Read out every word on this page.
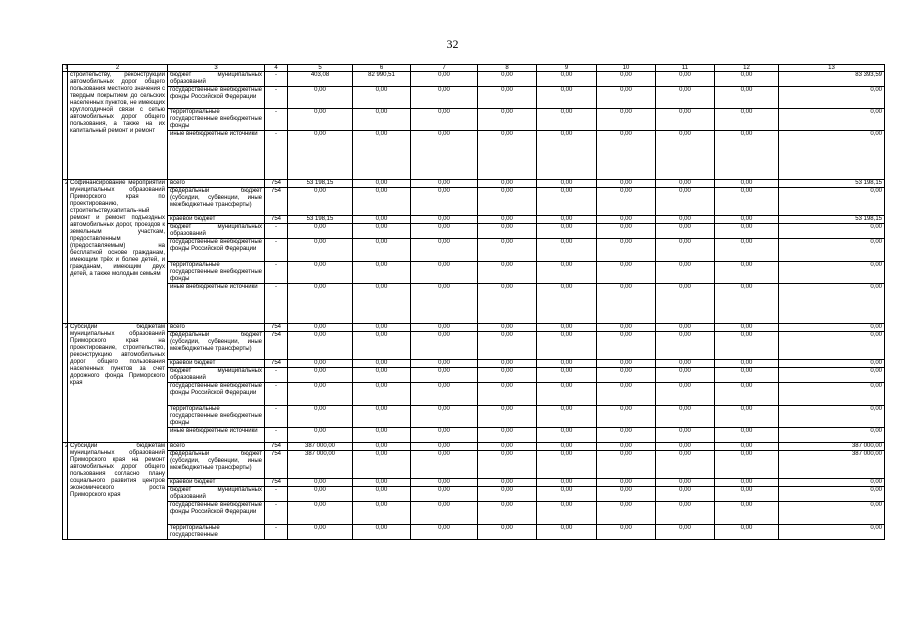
32
	2	3	4	5	6	7	8	9	10	11	12	13
	строительству, реконструкции автомобильных дорог общего пользования местного значения с твердым покрытием до сельских населенных пунктов, не имеющих круглогодичной связи с сетью автомобильных дорог общего пользования, а также на их капитальный ремонт и ремонт	бюджет муниципальных образований	-	403,08	82 990,51	0,00	0,00	0,00	0,00	0,00	0,00	83 393,59
		государственные внебюджетные фонды Российской Федерации	-	0,00	0,00	0,00	0,00	0,00	0,00	0,00	0,00	0,00
		территориальные государственные внебюджетные фонды	-	0,00	0,00	0,00	0,00	0,00	0,00	0,00	0,00	0,00
		иные внебюджетные источники	-	0,00	0,00	0,00	0,00	0,00	0,00	0,00	0,00	0,00
	Софинансирование мероприятий муниципальных образований Приморского края по проектированию, строительству,капиталь-ный ремонт и ремонт подъездных автомобильных дорог, проездов к земельным участкам, предоставленным (предоставляемым) на бесплатной основе гражданам, имеющим трёх и более детей, и гражданам, имеющим двух детей, а также молодым семьям	всего	754	53 198,15	0,00	0,00	0,00	0,00	0,00	0,00	0,00	53 198,15
		федеральный бюджет (субсидии, субвенции, иные межбюджетные трансферты)	754	0,00	0,00	0,00	0,00	0,00	0,00	0,00	0,00	0,00
		краевой бюджет	754	53 198,15	0,00	0,00	0,00	0,00	0,00	0,00	0,00	53 198,15
		бюджет муниципальных образований	-	0,00	0,00	0,00	0,00	0,00	0,00	0,00	0,00	0,00
		государственные внебюджетные фонды Российской Федерации	-	0,00	0,00	0,00	0,00	0,00	0,00	0,00	0,00	0,00
		территориальные государственные внебюджетные фонды	-	0,00	0,00	0,00	0,00	0,00	0,00	0,00	0,00	0,00
		иные внебюджетные источники	-	0,00	0,00	0,00	0,00	0,00	0,00	0,00	0,00	0,00
	Субсидии бюджетам муниципальных образований Приморского края на проектирование, строительство, реконструкцию автомобильных дорог общего пользования населенных пунктов за счет дорожного фонда Приморского края	всего	754	0,00	0,00	0,00	0,00	0,00	0,00	0,00	0,00	0,00
		федеральный бюджет (субсидии, субвенции, иные межбюджетные трансферты)	754	0,00	0,00	0,00	0,00	0,00	0,00	0,00	0,00	0,00
		краевой бюджет	754	0,00	0,00	0,00	0,00	0,00	0,00	0,00	0,00	0,00
		бюджет муниципальных образований	-	0,00	0,00	0,00	0,00	0,00	0,00	0,00	0,00	0,00
		государственные внебюджетные фонды Российской Федерации	-	0,00	0,00	0,00	0,00	0,00	0,00	0,00	0,00	0,00
		территориальные государственные внебюджетные фонды	-	0,00	0,00	0,00	0,00	0,00	0,00	0,00	0,00	0,00
		иные внебюджетные источники	-	0,00	0,00	0,00	0,00	0,00	0,00	0,00	0,00	0,00
	Субсидии бюджетам муниципальных образований Приморского края на ремонт автомобильных дорог общего пользования согласно плану социального развития центров экономического роста Приморского края	всего	754	387 000,00	0,00	0,00	0,00	0,00	0,00	0,00	0,00	387 000,00
		федеральный бюджет (субсидии, субвенции, иные межбюджетные трансферты)	754	387 000,00	0,00	0,00	0,00	0,00	0,00	0,00	0,00	387 000,00
		краевой бюджет	754	0,00	0,00	0,00	0,00	0,00	0,00	0,00	0,00	0,00
		бюджет муниципальных образований	-	0,00	0,00	0,00	0,00	0,00	0,00	0,00	0,00	0,00
		государственные внебюджетные фонды Российской Федерации	-	0,00	0,00	0,00	0,00	0,00	0,00	0,00	0,00	0,00
		территориальные государственные	-	0,00	0,00	0,00	0,00	0,00	0,00	0,00	0,00	0,00
